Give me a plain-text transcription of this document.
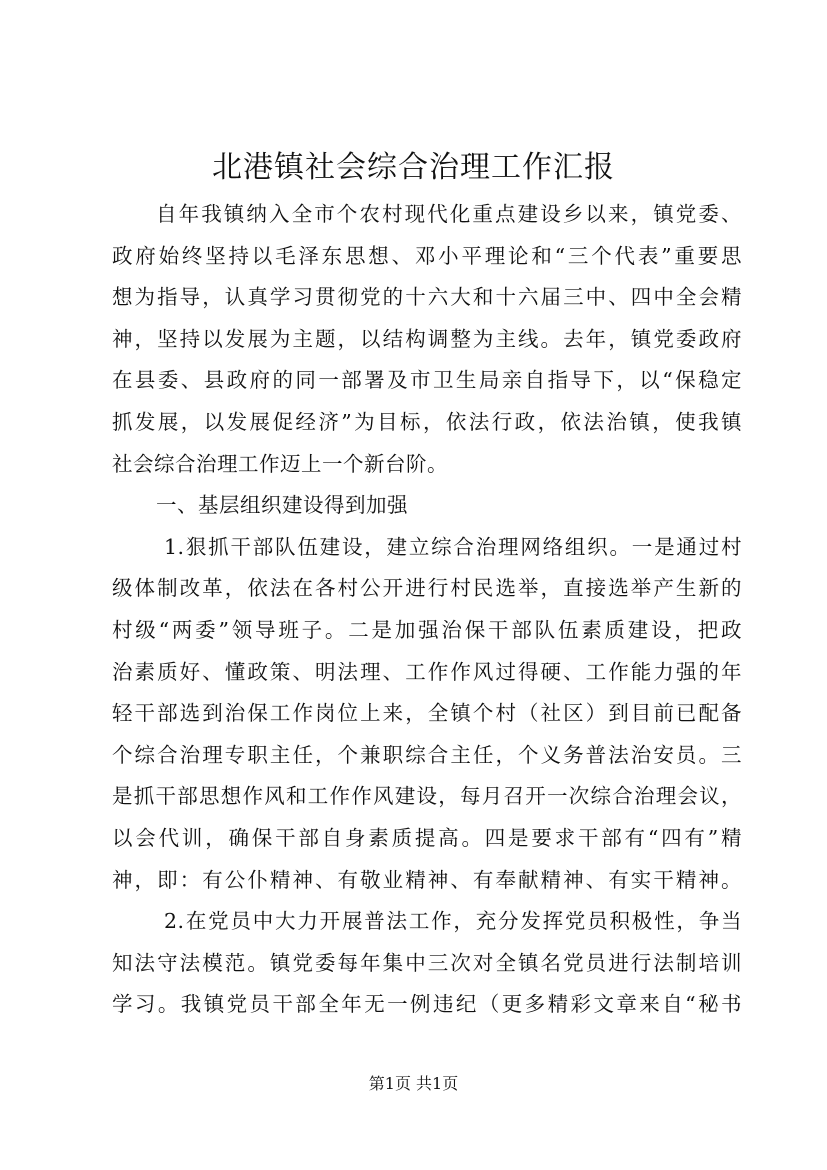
北港镇社会综合治理工作汇报
自年我镇纳入全市个农村现代化重点建设乡以来，镇党委、
政府始终坚持以毛泽东思想、邓小平理论和“三个代表”重要思
想为指导，认真学习贯彻党的十六大和十六届三中、四中全会精
神，坚持以发展为主题，以结构调整为主线。去年，镇党委政府
在县委、县政府的同一部署及市卫生局亲自指导下，以“保稳定
抓发展，以发展促经济”为目标，依法行政，依法治镇，使我镇
社会综合治理工作迈上一个新台阶。
一、基层组织建设得到加强
1.狠抓干部队伍建设，建立综合治理网络组织。一是通过村
级体制改革，依法在各村公开进行村民选举，直接选举产生新的
村级“两委”领导班子。二是加强治保干部队伍素质建设，把政
治素质好、懂政策、明法理、工作作风过得硬、工作能力强的年
轻干部选到治保工作岗位上来，全镇个村（社区）到目前已配备
个综合治理专职主任，个兼职综合主任，个义务普法治安员。三
是抓干部思想作风和工作作风建设，每月召开一次综合治理会议，
以会代训，确保干部自身素质提高。四是要求干部有“四有”精
神，即：有公仆精神、有敬业精神、有奉献精神、有实干精神。
2.在党员中大力开展普法工作，充分发挥党员积极性，争当
知法守法模范。镇党委每年集中三次对全镇名党员进行法制培训
学习。我镇党员干部全年无一例违纪（更多精彩文章来自“秘书
第1页 共1页
